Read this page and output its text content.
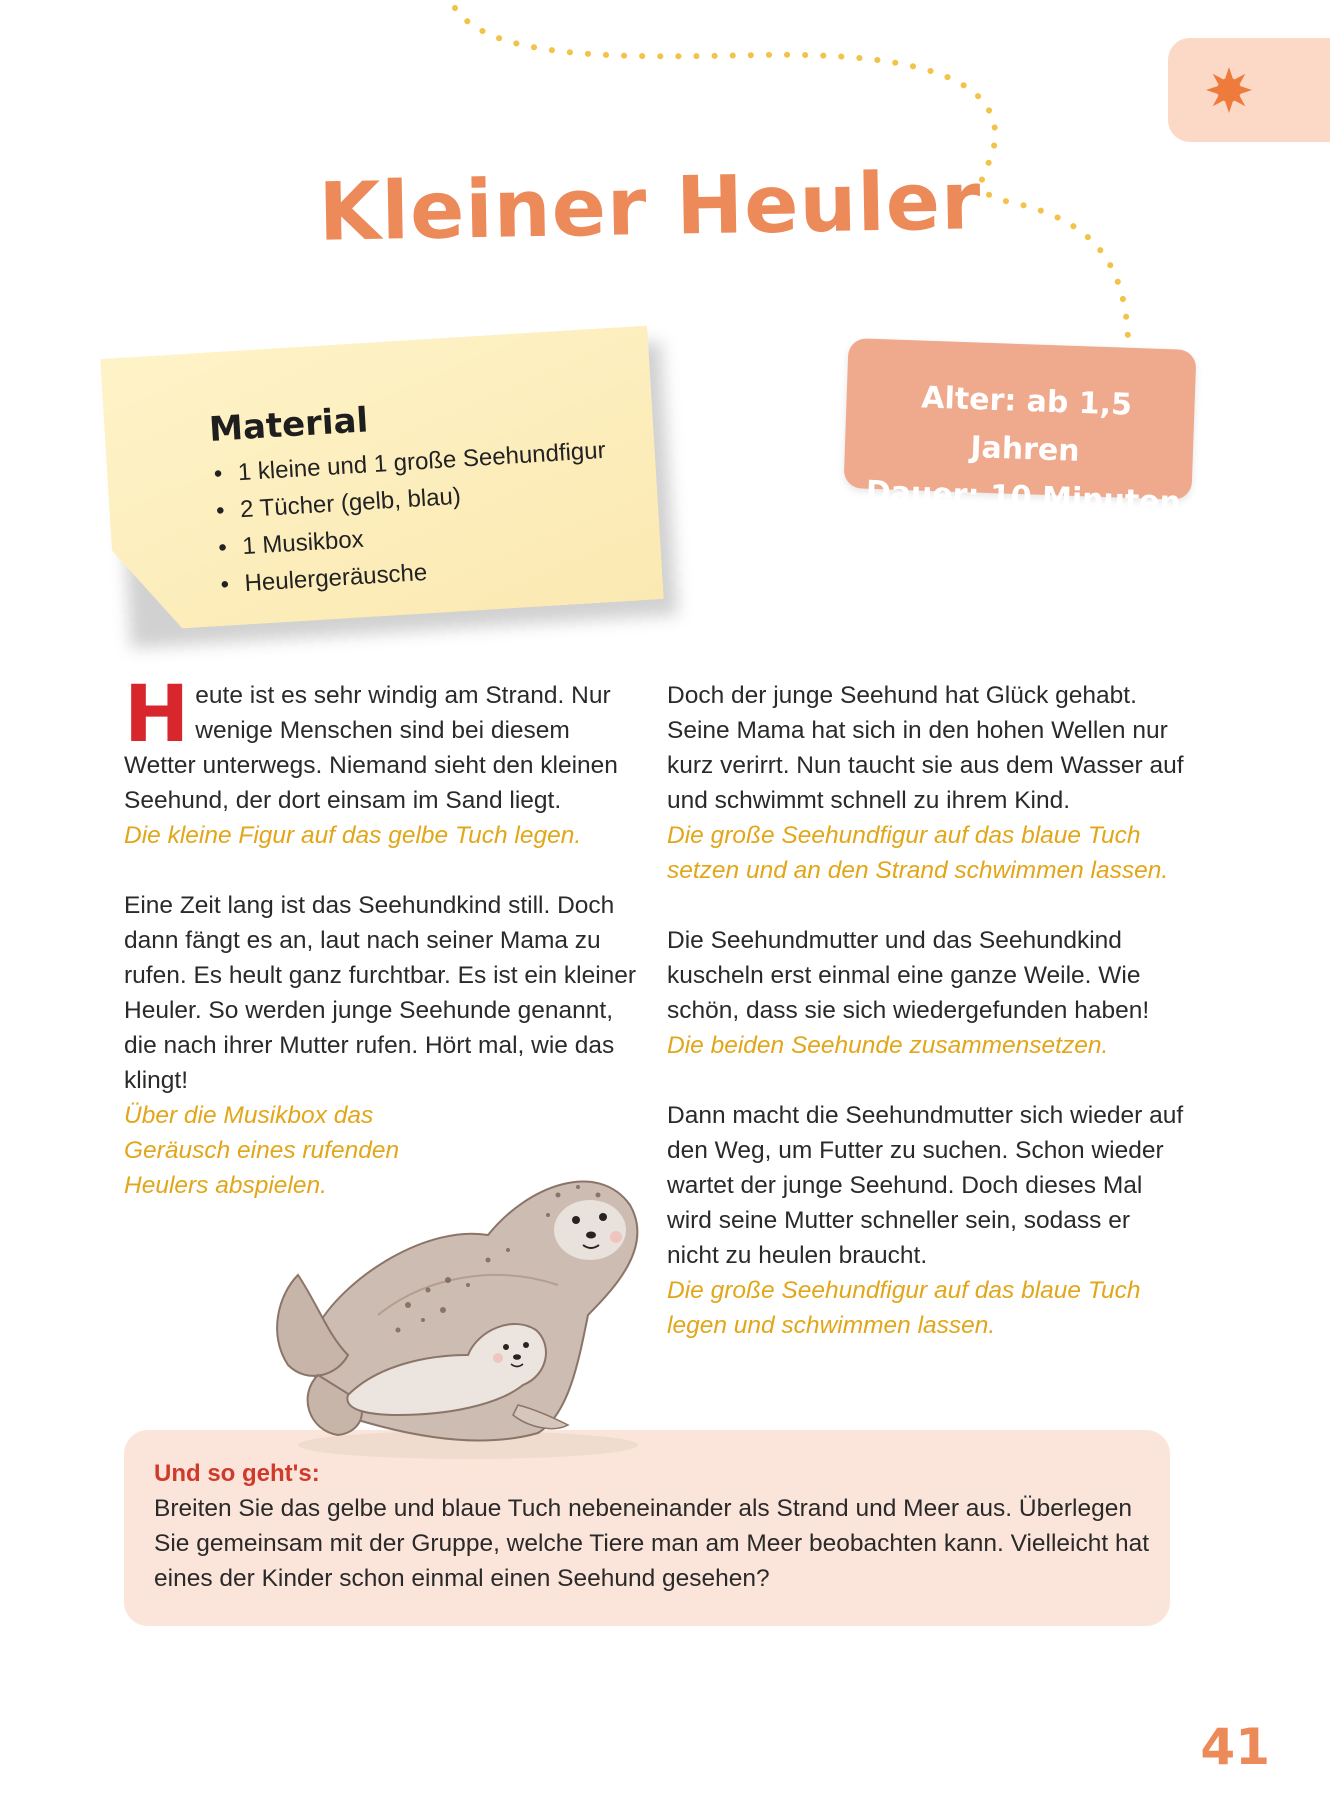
Kleiner Heuler
Material
• 1 kleine und 1 große Seehundfigur
• 2 Tücher (gelb, blau)
• 1 Musikbox
• Heulergeräusche
Alter: ab 1,5 Jahren
Dauer: 10 Minuten

Heute ist es sehr windig am Strand. Nur wenige Menschen sind bei diesem Wetter unterwegs. Niemand sieht den kleinen Seehund, der dort einsam im Sand liegt.

Die kleine Figur auf das gelbe Tuch legen.

Eine Zeit lang ist das Seehundkind still. Doch dann fängt es an, laut nach seiner Mama zu rufen. Es heult ganz furchtbar. Es ist ein kleiner Heuler. So werden junge Seehunde genannt, die nach ihrer Mutter rufen. Hört mal, wie das klingt!

Über die Musikbox das
Geräusch eines rufenden
Heulers abspielen.

Doch der junge Seehund hat Glück gehabt. Seine Mama hat sich in den hohen Wellen nur kurz verirrt. Nun taucht sie aus dem Wasser auf und schwimmt schnell zu ihrem Kind.

Die große Seehundfigur auf das blaue Tuch setzen und an den Strand schwimmen lassen.

Die Seehundmutter und das Seehundkind kuscheln erst einmal eine ganze Weile. Wie schön, dass sie sich wiedergefunden haben!

Die beiden Seehunde zusammensetzen.

Dann macht die Seehundmutter sich wieder auf den Weg, um Futter zu suchen. Schon wieder wartet der junge Seehund. Doch dieses Mal wird seine Mutter schneller sein, sodass er nicht zu heulen braucht.

Die große Seehundfigur auf das blaue Tuch legen und schwimmen lassen.

Und so geht's:
Breiten Sie das gelbe und blaue Tuch nebeneinander als Strand und Meer aus. Überlegen Sie gemeinsam mit der Gruppe, welche Tiere man am Meer beobachten kann. Vielleicht hat eines der Kinder schon einmal einen Seehund gesehen?
41
